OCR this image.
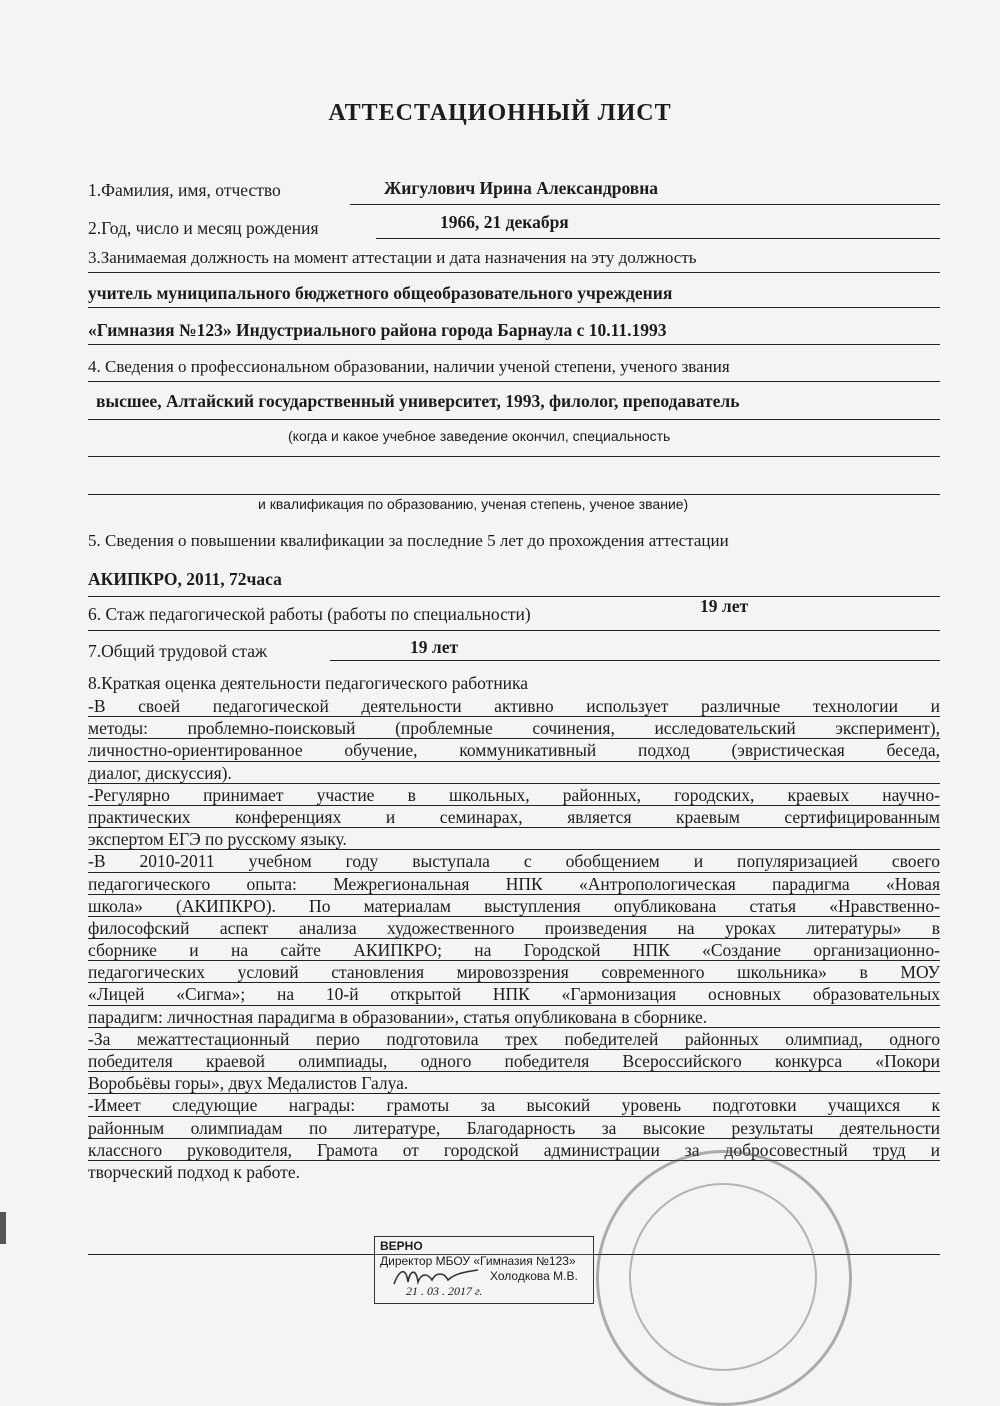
АТТЕСТАЦИОННЫЙ ЛИСТ
1.Фамилия, имя, отчество	Жигулович Ирина Александровна
2.Год, число и месяц рождения	1966, 21 декабря
3.Занимаемая должность на момент аттестации и дата назначения на эту должность
учитель муниципального бюджетного общеобразовательного учреждения
«Гимназия №123» Индустриального района города Барнаула с 10.11.1993
4. Сведения о профессиональном образовании, наличии ученой степени, ученого звания
высшее, Алтайский государственный университет, 1993, филолог, преподаватель
(когда и какое учебное заведение окончил, специальность
и квалификация по образованию, ученая степень, ученое звание)
5. Сведения о повышении квалификации за последние 5 лет до прохождения аттестации
АКИПКРО, 2011, 72часа
6. Стаж педагогической работы (работы по специальности)	19 лет
7.Общий трудовой стаж	19 лет
8.Краткая оценка деятельности педагогического работника
-В своей педагогической деятельности активно использует различные технологии и
методы: проблемно-поисковый (проблемные сочинения, исследовательский эксперимент),
личностно-ориентированное обучение, коммуникативный подход (эвристическая беседа,
диалог, дискуссия).
-Регулярно принимает участие в школьных, районных, городских, краевых научно-
практических конференциях и семинарах, является краевым сертифицированным
экспертом ЕГЭ по русскому языку.
-В 2010-2011 учебном году выступала с обобщением и популяризацией своего
педагогического опыта: Межрегиональная НПК «Антропологическая парадигма «Новая
школа» (АКИПКРО). По материалам выступления опубликована статья «Нравственно-
философский аспект анализа художественного произведения на уроках литературы» в
сборнике и на сайте АКИПКРО; на Городской НПК «Создание организационно-
педагогических условий становления мировоззрения современного школьника» в МОУ
«Лицей «Сигма»; на 10-й открытой НПК «Гармонизация основных образовательных
парадигм: личностная парадигма в образовании», статья опубликована в сборнике.
-За межаттестационный перио подготовила трех победителей районных олимпиад, одного
победителя краевой олимпиады, одного победителя Всероссийского конкурса «Покори
Воробьёвы горы», двух Медалистов Галуа.
-Имеет следующие награды: грамоты за высокий уровень подготовки учащихся к
районным олимпиадам по литературе, Благодарность за высокие результаты деятельности
классного руководителя, Грамота от городской администрации за добросовестный труд и
творческий подход к работе.
ВЕРНО
Директор МБОУ «Гимназия №123»
Холодкова М.В.
21 . 03 . 2017 г.
